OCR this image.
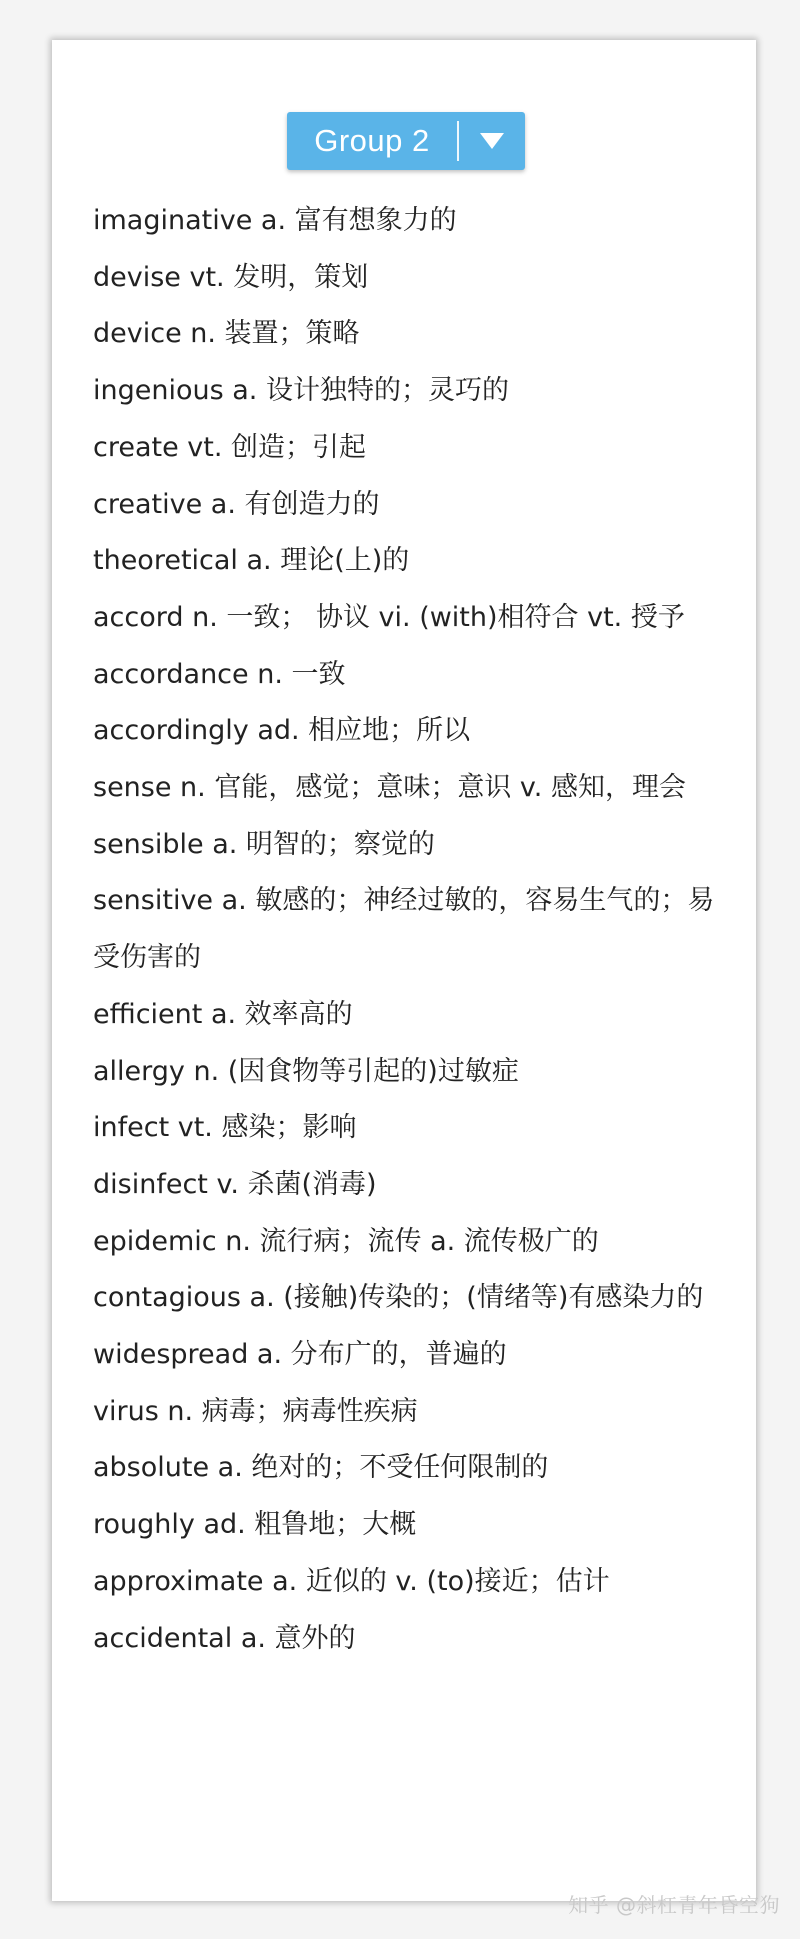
Group 2
imaginative a. 富有想象力的
devise vt. 发明，策划
device n. 装置；策略
ingenious a. 设计独特的；灵巧的
create vt. 创造；引起
creative a. 有创造力的
theoretical a. 理论(上)的
accord n. 一致； 协议 vi. (with)相符合 vt. 授予
accordance n. 一致
accordingly ad. 相应地；所以
sense n. 官能，感觉；意味；意识 v. 感知，理会
sensible a. 明智的；察觉的
sensitive a. 敏感的；神经过敏的，容易生气的；易受伤害的
efficient a. 效率高的
allergy n. (因食物等引起的)过敏症
infect vt. 感染；影响
disinfect v. 杀菌(消毒)
epidemic n. 流行病；流传 a. 流传极广的
contagious a. (接触)传染的；(情绪等)有感染力的
widespread a. 分布广的，普遍的
virus n. 病毒；病毒性疾病
absolute a. 绝对的；不受任何限制的
roughly ad. 粗鲁地；大概
approximate a. 近似的 v. (to)接近；估计
accidental a. 意外的
知乎 @斜杠青年昏空狗
